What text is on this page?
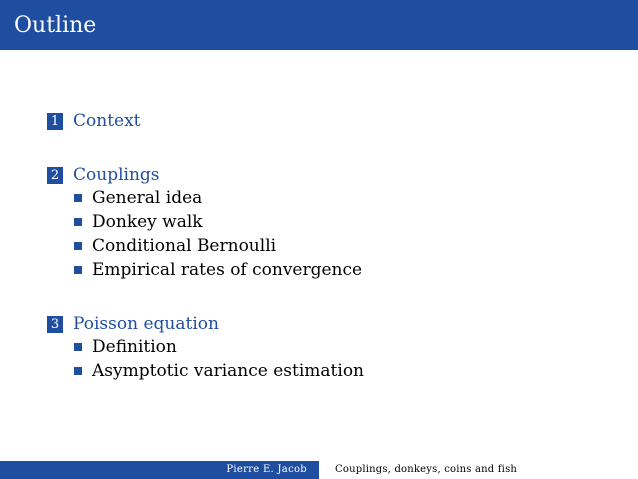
Outline
1 Context
2 Couplings
General idea
Donkey walk
Conditional Bernoulli
Empirical rates of convergence
3 Poisson equation
Definition
Asymptotic variance estimation
Pierre E. Jacob	Couplings, donkeys, coins and fish
